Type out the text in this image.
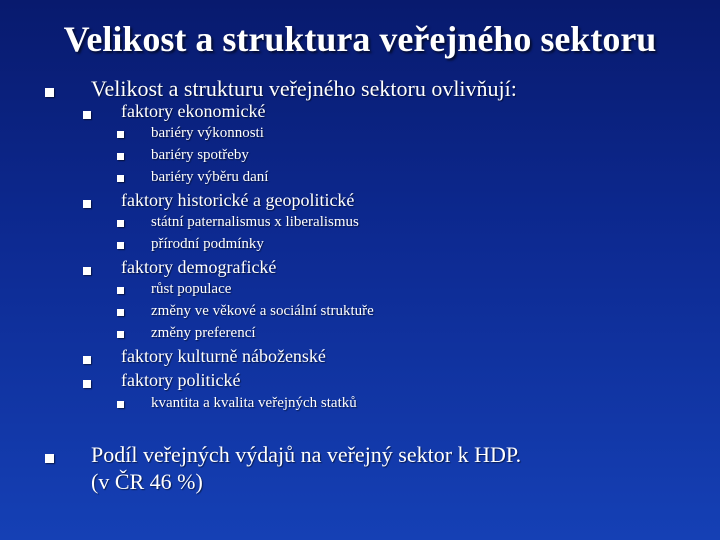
Velikost a struktura veřejného sektoru
Velikost a strukturu veřejného sektoru ovlivňují:
faktory ekonomické
bariéry výkonnosti
bariéry spotřeby
bariéry výběru daní
faktory historické a geopolitické
státní paternalismus x liberalismus
přírodní podmínky
faktory demografické
růst populace
změny ve věkové a sociální struktuře
změny preferencí
faktory kulturně náboženské
faktory politické
kvantita a kvalita veřejných statků
Podíl veřejných výdajů na veřejný sektor k HDP.
(v ČR 46 %)
